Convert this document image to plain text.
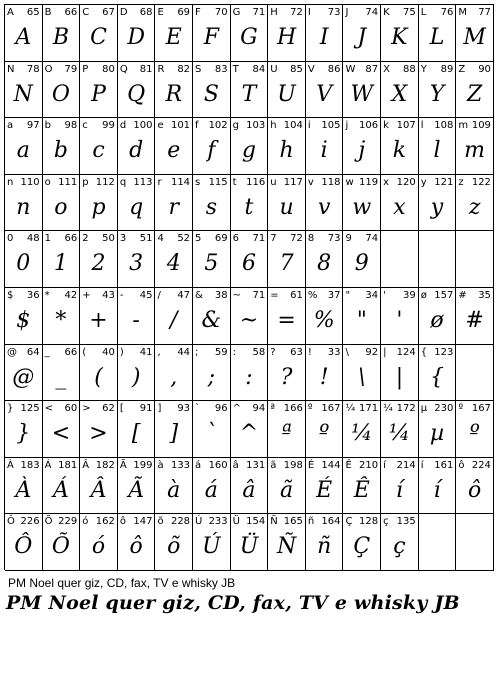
A 65
A
B 66
B
C 67
C
D 68
D
E 69
E
F 70
F
G 71
G
H 72
H
I 73
I
J 74
J
K 75
K
L 76
L
M 77
M
N 78
N
O 79
O
P 80
P
Q 81
Q
R 82
R
S 83
S
T 84
T
U 85
U
V 86
V
W 87
W
X 88
X
Y 89
Y
Z 90
Z
a 97
a
b 98
b
c 99
c
d 100
d
e 101
e
f 102
f
g 103
g
h 104
h
i 105
i
j 106
j
k 107
k
l 108
l
m 109
m
n 110
n
o 111
o
p 112
p
q 113
q
r 114
r
s 115
s
t 116
t
u 117
u
v 118
v
w 119
w
x 120
x
y 121
y
z 122
z
0 48
0
1 66
1
2 50
2
3 51
3
4 52
4
5 69
5
6 71
6
7 72
7
8 73
8
9 74
9
$ 36
$
* 42
*
+ 43
+
- 45
-
/ 47
/
& 38
&
~ 71
~
= 61
=
% 37
%
" 34
"
' 39
'
ø 157
ø
# 35
#
@ 64
@
_ 66
_
( 40
(
) 41
)
, 44
,
; 59
;
: 58
:
? 63
?
! 33
!
\ 92
\
| 124
|
{ 123
{
} 125
}
< 60
<
> 62
>
[ 91
[
] 93
]
` 96
`
^ 94
^
ª 166
ª
º 167
º
¼ 171
¼
¼ 172
¼
µ 230
µ
º 167
º
À 183
À
Á 181
Á
Â 182
Â
Ã 199
Ã
à 133
à
á 160
á
â 131
â
ã 198
ã
É 144
É
Ê 210
Ê
í 214
í
í 161
í
ô 224
ô
Ô 226
Ô
Õ 229
Õ
ó 162
ó
ô 147
ô
õ 228
õ
Ú 233
Ú
Ü 154
Ü
Ñ 165
Ñ
ñ 164
ñ
Ç 128
Ç
ç 135
ç
PM Noel quer giz, CD, fax, TV e whisky JB
PM Noel quer giz, CD, fax, TV e whisky JB
